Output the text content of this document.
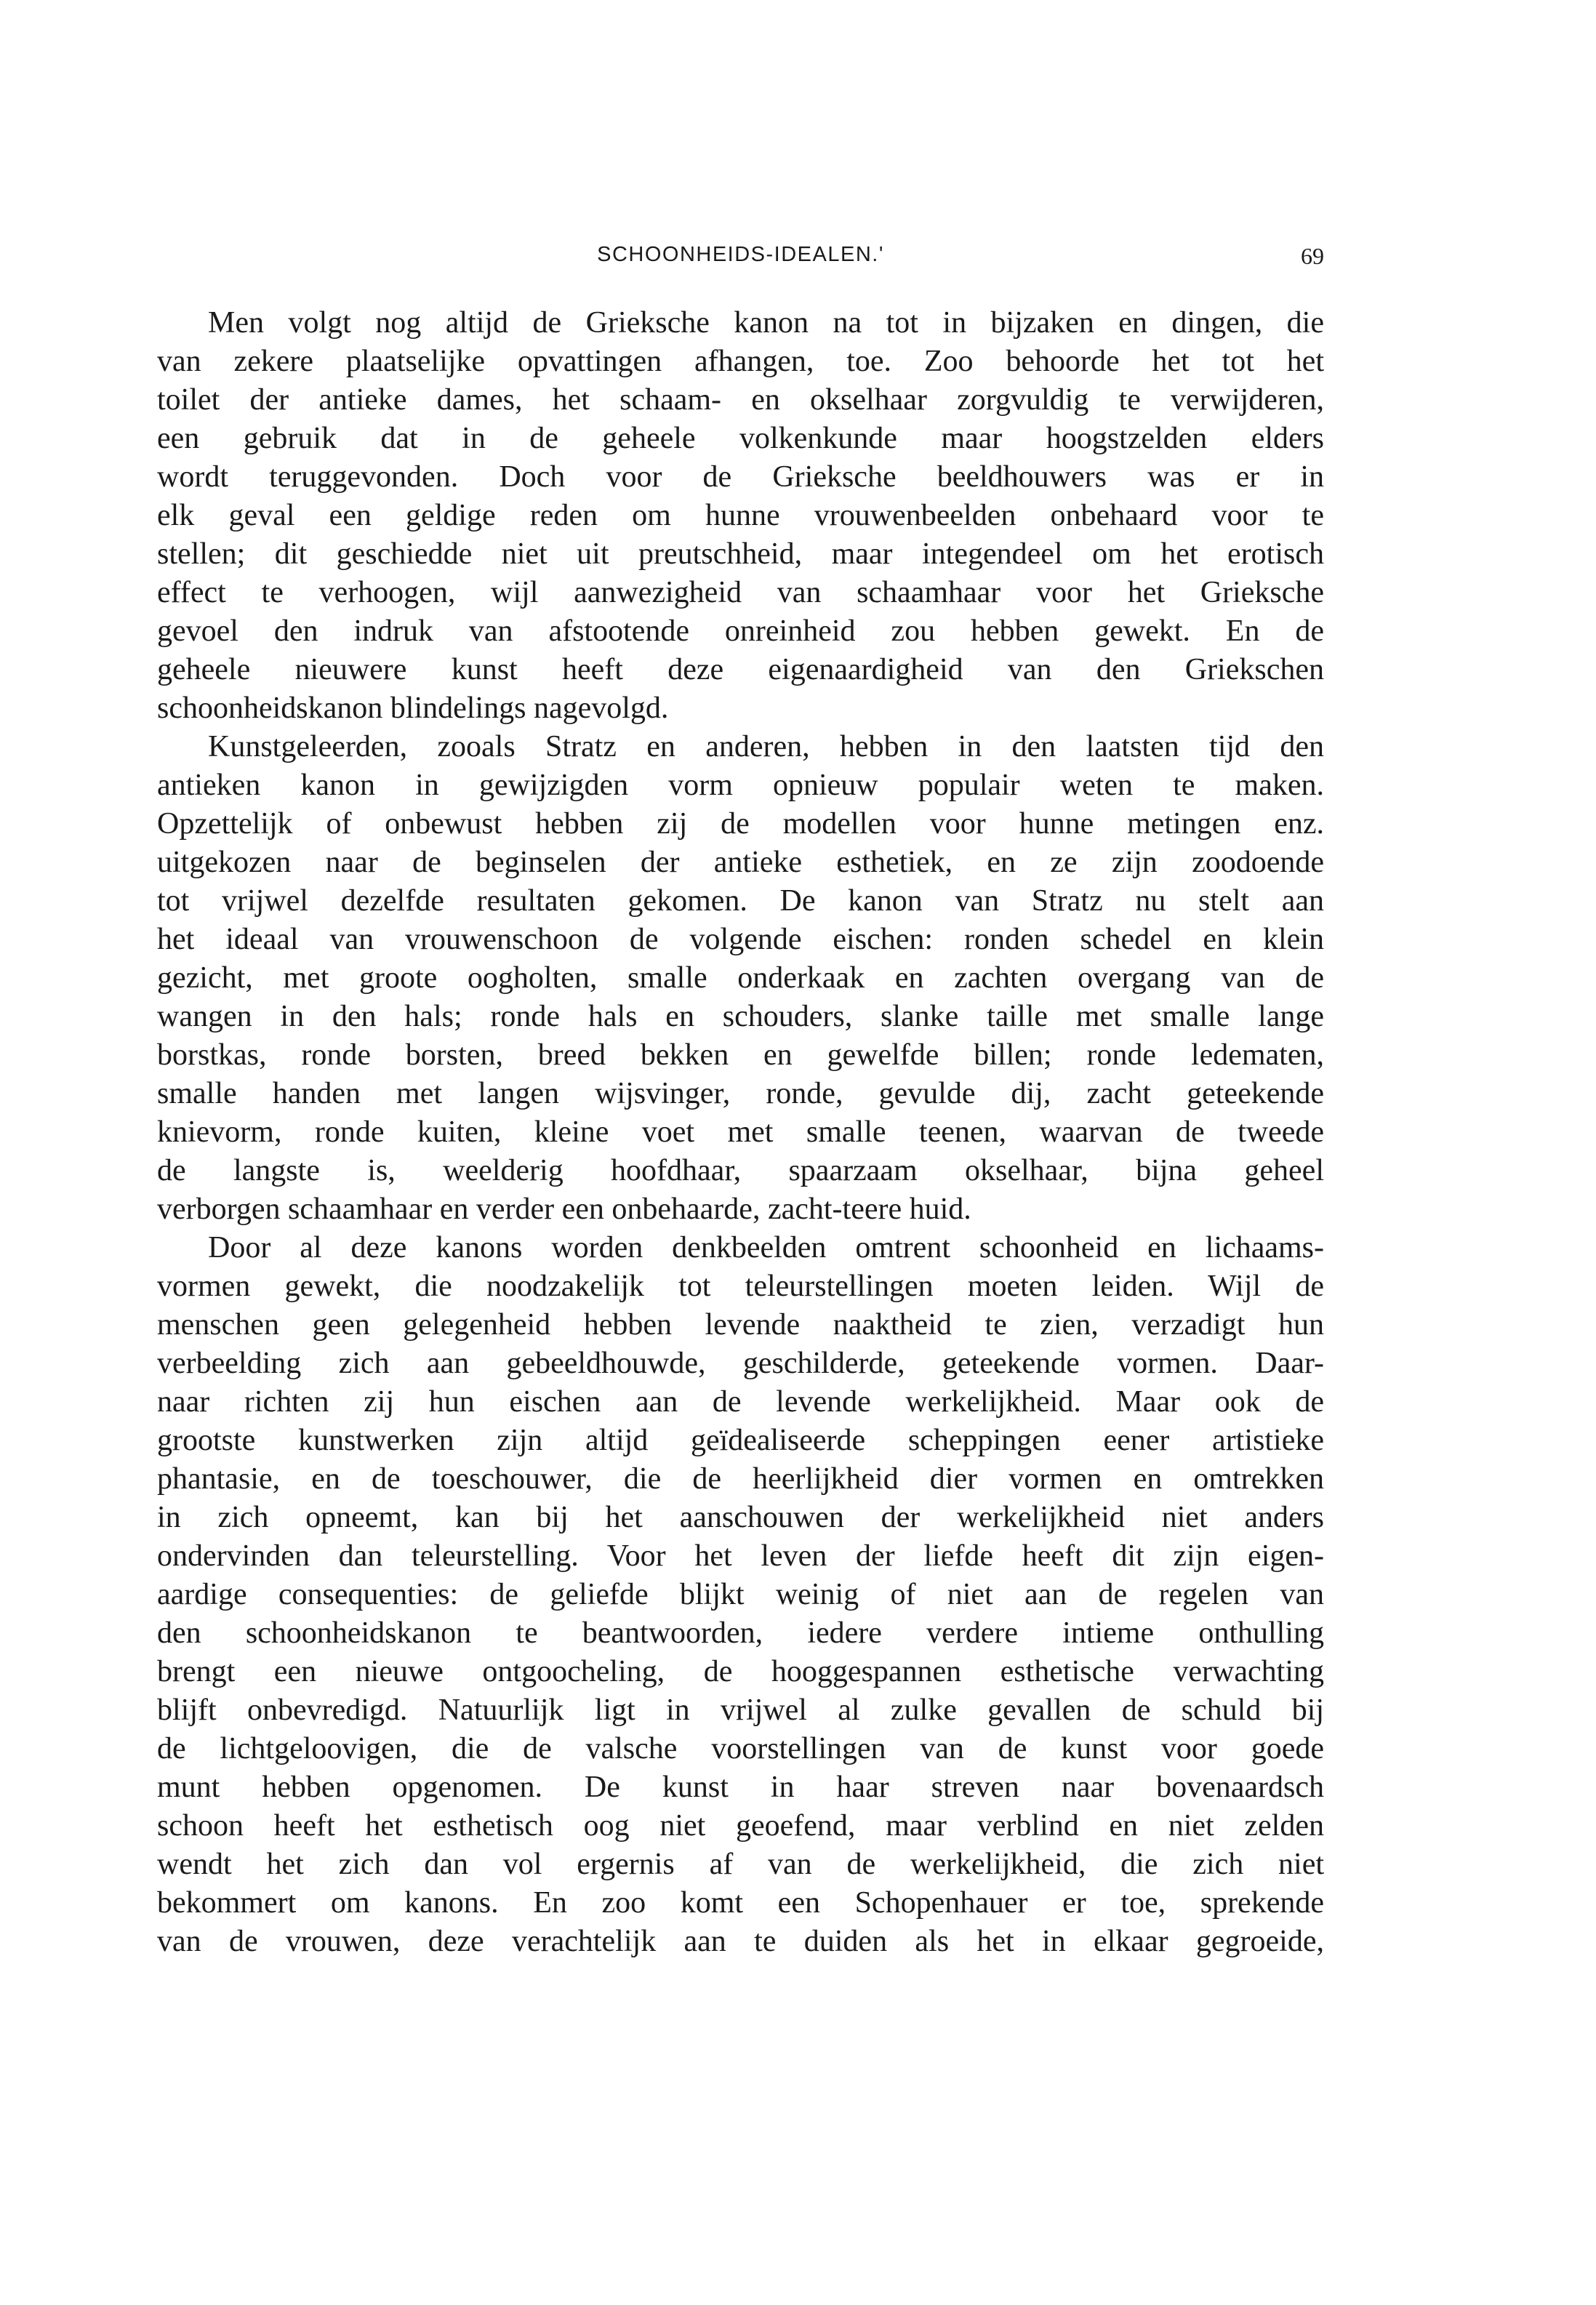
SCHOONHEIDS-IDEALEN.'	69
Men volgt nog altijd de Grieksche kanon na tot in bijzaken en dingen, die
van zekere plaatselijke opvattingen afhangen, toe. Zoo behoorde het tot het
toilet der antieke dames, het schaam- en okselhaar zorgvuldig te verwijderen,
een gebruik dat in de geheele volkenkunde maar hoogstzelden elders
wordt teruggevonden. Doch voor de Grieksche beeldhouwers was er in
elk geval een geldige reden om hunne vrouwenbeelden onbehaard voor te
stellen; dit geschiedde niet uit preutschheid, maar integendeel om het erotisch
effect te verhoogen, wijl aanwezigheid van schaamhaar voor het Grieksche
gevoel den indruk van afstootende onreinheid zou hebben gewekt. En de
geheele nieuwere kunst heeft deze eigenaardigheid van den Griekschen
schoonheidskanon blindelings nagevolgd.
Kunstgeleerden, zooals Stratz en anderen, hebben in den laatsten tijd den
antieken kanon in gewijzigden vorm opnieuw populair weten te maken.
Opzettelijk of onbewust hebben zij de modellen voor hunne metingen enz.
uitgekozen naar de beginselen der antieke esthetiek, en ze zijn zoodoende
tot vrijwel dezelfde resultaten gekomen. De kanon van Stratz nu stelt aan
het ideaal van vrouwenschoon de volgende eischen: ronden schedel en klein
gezicht, met groote oogholten, smalle onderkaak en zachten overgang van de
wangen in den hals; ronde hals en schouders, slanke taille met smalle lange
borstkas, ronde borsten, breed bekken en gewelfde billen; ronde ledematen,
smalle handen met langen wijsvinger, ronde, gevulde dij, zacht geteekende
knievorm, ronde kuiten, kleine voet met smalle teenen, waarvan de tweede
de langste is, weelderig hoofdhaar, spaarzaam okselhaar, bijna geheel
verborgen schaamhaar en verder een onbehaarde, zacht-teere huid.
Door al deze kanons worden denkbeelden omtrent schoonheid en lichaams-
vormen gewekt, die noodzakelijk tot teleurstellingen moeten leiden. Wijl de
menschen geen gelegenheid hebben levende naaktheid te zien, verzadigt hun
verbeelding zich aan gebeeldhouwde, geschilderde, geteekende vormen. Daar-
naar richten zij hun eischen aan de levende werkelijkheid. Maar ook de
grootste kunstwerken zijn altijd geïdealiseerde scheppingen eener artistieke
phantasie, en de toeschouwer, die de heerlijkheid dier vormen en omtrekken
in zich opneemt, kan bij het aanschouwen der werkelijkheid niet anders
ondervinden dan teleurstelling. Voor het leven der liefde heeft dit zijn eigen-
aardige consequenties: de geliefde blijkt weinig of niet aan de regelen van
den schoonheidskanon te beantwoorden, iedere verdere intieme onthulling
brengt een nieuwe ontgoocheling, de hooggespannen esthetische verwachting
blijft onbevredigd. Natuurlijk ligt in vrijwel al zulke gevallen de schuld bij
de lichtgeloovigen, die de valsche voorstellingen van de kunst voor goede
munt hebben opgenomen. De kunst in haar streven naar bovenaardsch
schoon heeft het esthetisch oog niet geoefend, maar verblind en niet zelden
wendt het zich dan vol ergernis af van de werkelijkheid, die zich niet
bekommert om kanons. En zoo komt een Schopenhauer er toe, sprekende
van de vrouwen, deze verachtelijk aan te duiden als het in elkaar gegroeide,
